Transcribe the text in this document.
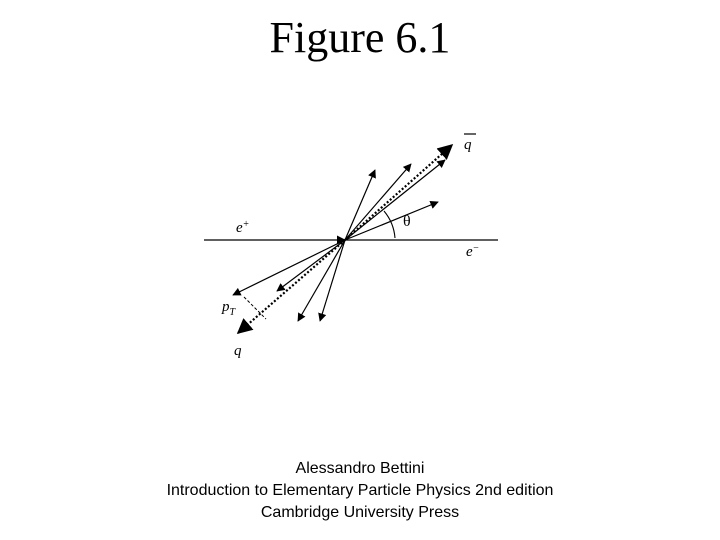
Figure 6.1
e+
e−
q
q
θ
$p_T$
Alessandro Bettini
Introduction to Elementary Particle Physics 2nd edition
Cambridge University Press
